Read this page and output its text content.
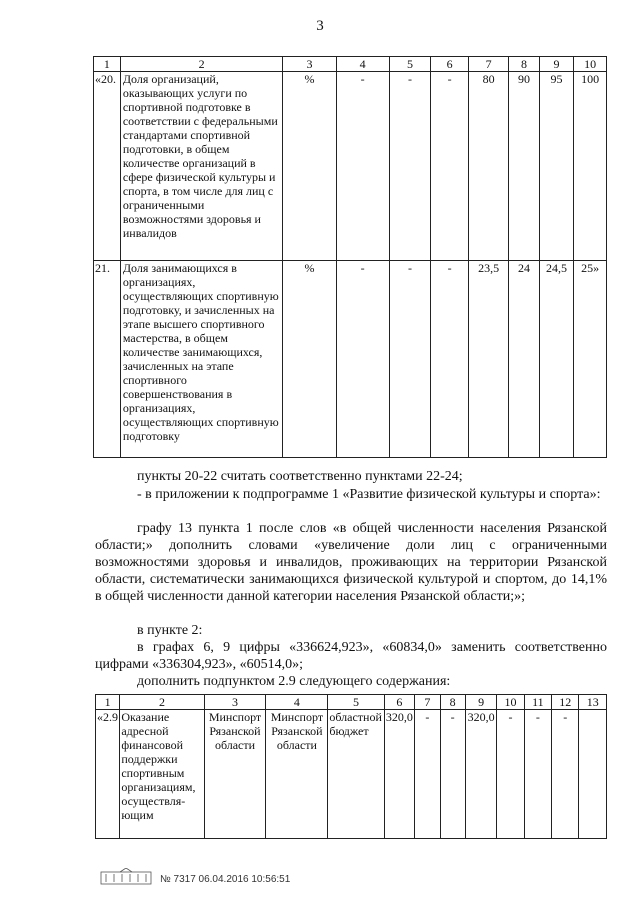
3
1	2	3	4	5	6	7	8	9	10
«20.	Доля организаций, оказывающих услуги по спортивной подготовке в соответствии с федеральными стандартами спортивной подготовки, в общем количестве организаций в сфере физической культуры и спорта, в том числе для лиц с ограниченными возможностями здоровья и инвалидов	%	-	-	-	80	90	95	100
21.	Доля занимающихся в организациях, осуществляющих спортивную подготовку, и зачисленных на этапе высшего спортивного мастерства, в общем количестве занимающихся, зачисленных на этапе спортивного совершенствования в организациях, осуществляющих спортивную подготовку	%	-	-	-	23,5	24	24,5	25»

пункты 20-22 считать соответственно пунктами 22-24;

- в приложении к подпрограмме 1 «Развитие физической культуры и спорта»:

графу 13 пункта 1 после слов «в общей численности населения Рязанской области;» дополнить словами «увеличение доли лиц с ограниченными возможностями здоровья и инвалидов, проживающих на территории Рязанской области, систематически занимающихся физической культурой и спортом, до 14,1% в общей численности данной категории населения Рязанской области;»;

в пункте 2:

в графах 6, 9 цифры «336624,923», «60834,0» заменить соответственно цифрами «336304,923», «60514,0»;

дополнить подпунктом 2.9 следующего содержания:

1	2	3	4	5	6	7	8	9	10	11	12	13
«2.9	Оказание адресной финансовой поддержки спортивным организациям, осуществля-ющим	Минспорт Рязанской области	Минспорт Рязанской области	областной бюджет	320,0	-	-	320,0	-	-	-	
№ 7317 06.04.2016 10:56:51
